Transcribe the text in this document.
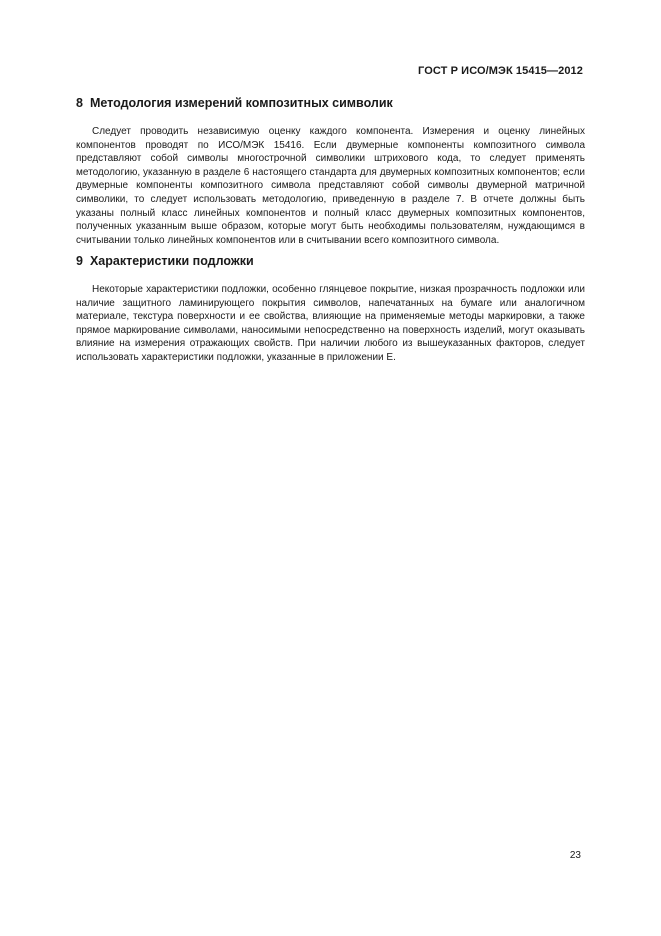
ГОСТ Р ИСО/МЭК 15415—2012
8 Методология измерений композитных символик

Следует проводить независимую оценку каждого компонента. Измерения и оценку линейных компонентов проводят по ИСО/МЭК 15416. Если двумерные компоненты композитного символа представляют собой символы многострочной символики штрихового кода, то следует применять методологию, указанную в разделе 6 настоящего стандарта для двумерных композитных компонентов; если двумерные компоненты композитного символа представляют собой символы двумерной матричной символики, то следует использовать методологию, приведенную в разделе 7. В отчете должны быть указаны полный класс линейных компонентов и полный класс двумерных композитных компонентов, полученных указанным выше образом, которые могут быть необходимы пользователям, нуждающимся в считывании только линейных компонентов или в считывании всего композитного символа.

9 Характеристики подложки

Некоторые характеристики подложки, особенно глянцевое покрытие, низкая прозрачность подложки или наличие защитного ламинирующего покрытия символов, напечатанных на бумаге или аналогичном материале, текстура поверхности и ее свойства, влияющие на применяемые методы маркировки, а также прямое маркирование символами, наносимыми непосредственно на поверхность изделий, могут оказывать влияние на измерения отражающих свойств. При наличии любого из вышеуказанных факторов, следует использовать характеристики подложки, указанные в приложении Е.

23
